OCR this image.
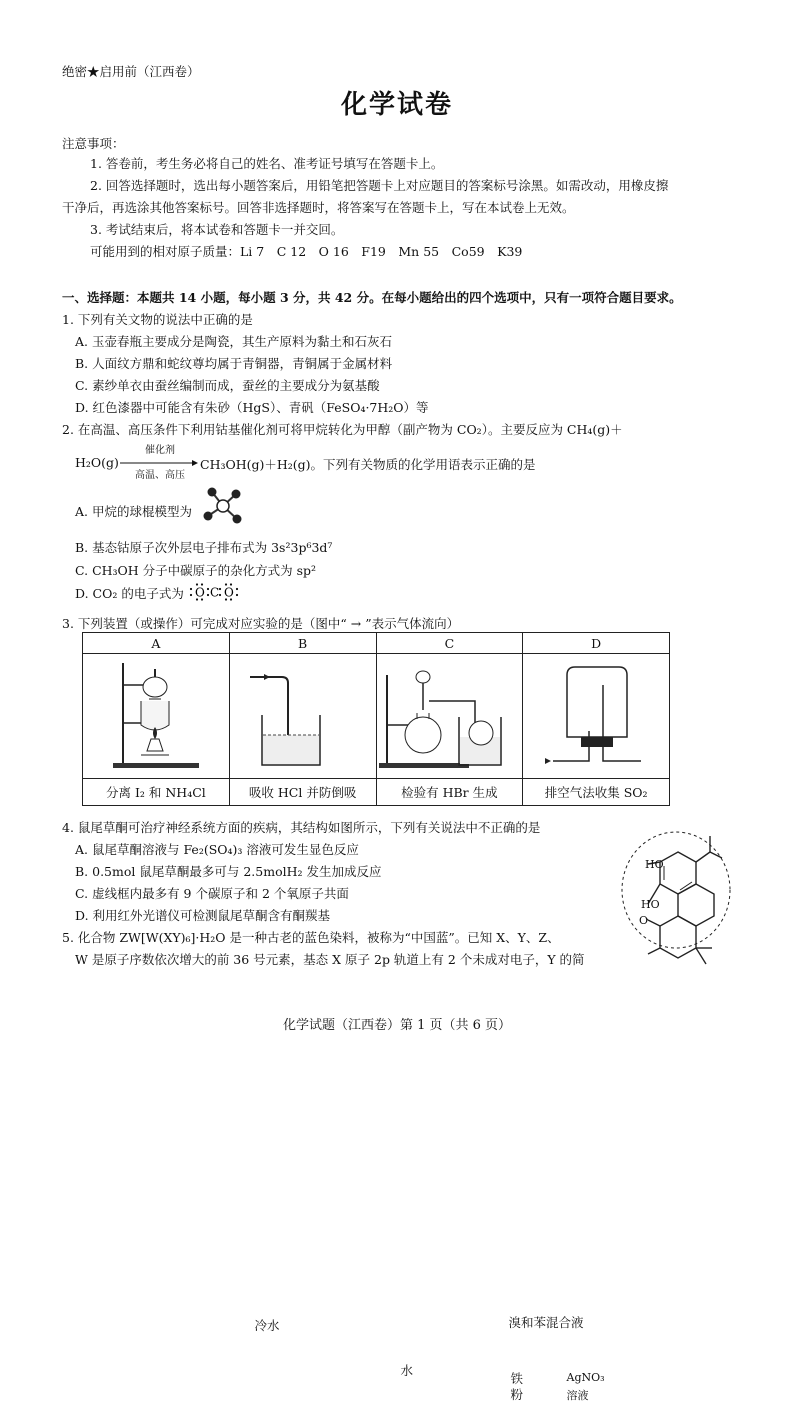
绝密★启用前（江西卷）
化学试卷
注意事项：
1. 答卷前，考生务必将自己的姓名、准考证号填写在答题卡上。
2. 回答选择题时，选出每小题答案后，用铅笔把答题卡上对应题目的答案标号涂黑。如需改动，用橡皮擦
干净后，再选涂其他答案标号。回答非选择题时，将答案写在答题卡上，写在本试卷上无效。
3. 考试结束后，将本试卷和答题卡一并交回。
可能用到的相对原子质量：Li 7　C 12　O 16　F19　Mn 55　Co59　K39
一、选择题：本题共 14 小题，每小题 3 分，共 42 分。在每小题给出的四个选项中，只有一项符合题目要求。
1. 下列有关文物的说法中正确的是
A. 玉壶春瓶主要成分是陶瓷，其生产原料为黏土和石灰石
B. 人面纹方鼎和蛇纹尊均属于青铜器，青铜属于金属材料
C. 素纱单衣由蚕丝编制而成，蚕丝的主要成分为氨基酸
D. 红色漆器中可能含有朱砂（HgS）、青矾（FeSO₄·7H₂O）等
2. 在高温、高压条件下利用钴基催化剂可将甲烷转化为甲醇（副产物为 CO₂）。主要反应为 CH₄(g)＋
H₂O(g)
催化剂
高温、高压
CH₃OH(g)＋H₂(g)。下列有关物质的化学用语表示正确的是
A. 甲烷的球棍模型为
B. 基态钴原子次外层电子排布式为 3s²3p⁶3d⁷
C. CH₃OH 分子中碳原子的杂化方式为 sp²
D. CO₂ 的电子式为 O C O
3. 下列装置（或操作）可完成对应实验的是（图中“ → ”表示气体流向）
A	B	C	D

冷水	水	溴和苯混合液
铁
粉
AgNO₃
溶液

分离 I₂ 和 NH₄Cl	吸收 HCl 并防倒吸	检验有 HBr 生成	排空气法收集 SO₂
4. 鼠尾草酮可治疗神经系统方面的疾病，其结构如图所示，下列有关说法中不正确的是
A. 鼠尾草酮溶液与 Fe₂(SO₄)₃ 溶液可发生显色反应
B. 0.5mol 鼠尾草酮最多可与 2.5molH₂ 发生加成反应
C. 虚线框内最多有 9 个碳原子和 2 个氧原子共面
D. 利用红外光谱仪可检测鼠尾草酮含有酮羰基
HO
HO
O
5. 化合物 ZW[W(XY)₆]·H₂O 是一种古老的蓝色染料，被称为“中国蓝”。已知 X、Y、Z、
W 是原子序数依次增大的前 36 号元素，基态 X 原子 2p 轨道上有 2 个未成对电子，Y 的简
化学试题（江西卷）第 1 页（共 6 页）
